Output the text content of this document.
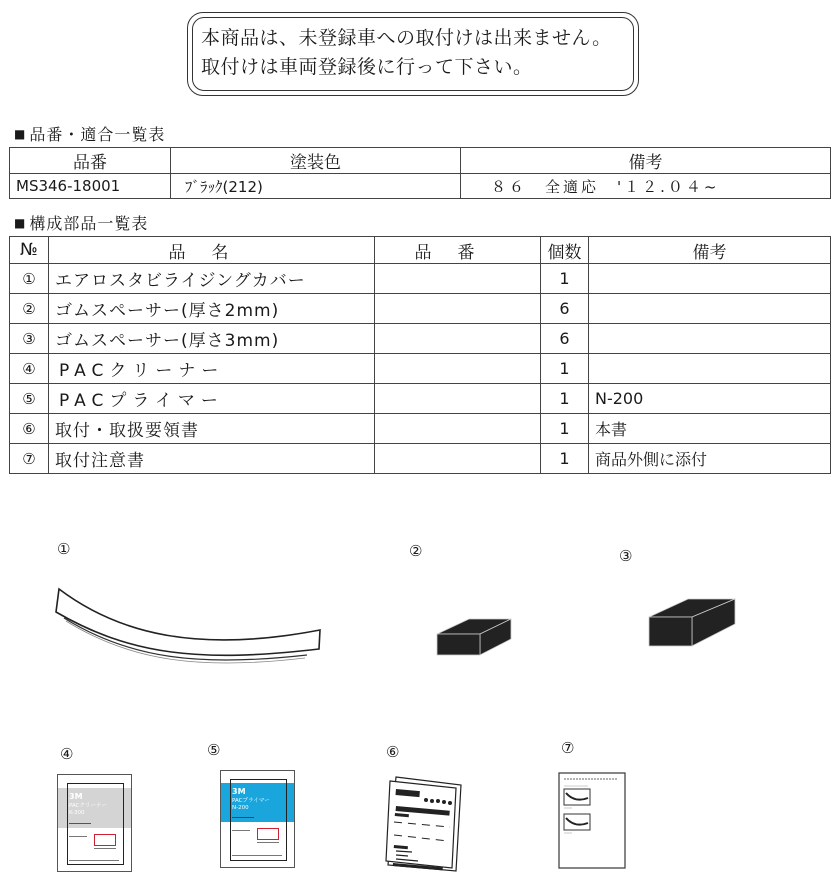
本商品は、未登録車への取付けは出来ません。
取付けは車両登録後に行って下さい。
■ 品番・適合一覧表
品番	塗装色	備考
MS346-18001	ﾌﾞﾗｯｸ(212)	８６　全適応　'１２.０４~
■ 構成部品一覧表
№	品名	品番	個数	備考
①	エアロスタビライジングカバー		1	
②	ゴムスペーサー(厚さ2mm)		6	
③	ゴムスペーサー(厚さ3mm)		6	
④	PACクリーナー		1	
⑤	PACプライマー		1	N-200
⑥	取付・取扱要領書		1	本書
⑦	取付注意書		1	商品外側に添付
①	②	③
④	⑤	⑥	⑦
3M
PACクリーナー
K-300
3M
PACプライマー
N-200
